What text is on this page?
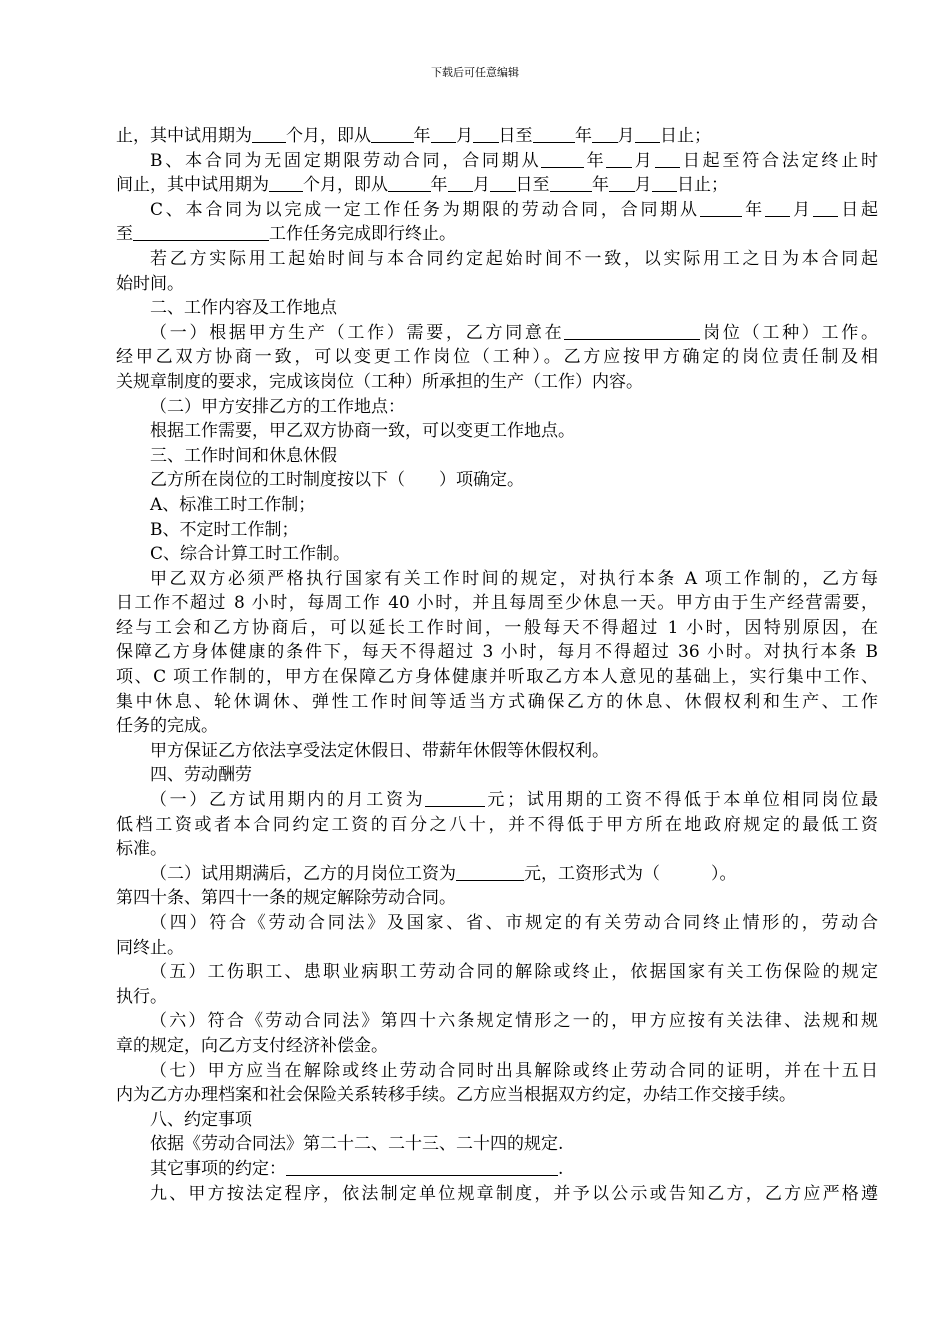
下载后可任意编辑
止，其中试用期为 个月，即从	年 月 日至	年 月 日止；
B、本合同为无固定期限劳动合同，合同期从	年 月 日起至符合法定终止时
间止，其中试用期为 个月，即从	年 月 日至	年 月 日止；
C、本合同为以完成一定工作任务为期限的劳动合同，合同期从	年 月 日起
至	工作任务完成即行终止。
若乙方实际用工起始时间与本合同约定起始时间不一致，以实际用工之日为本合同起
始时间。
二、工作内容及工作地点
（一）根据甲方生产（工作）需要，乙方同意在	岗位（工种）工作。
经甲乙双方协商一致，可以变更工作岗位（工种）。乙方应按甲方确定的岗位责任制及相
关规章制度的要求，完成该岗位（工种）所承担的生产（工作）内容。
（二）甲方安排乙方的工作地点：
根据工作需要，甲乙双方协商一致，可以变更工作地点。
三、工作时间和休息休假
乙方所在岗位的工时制度按以下（　　）项确定。
A、标准工时工作制；
B、不定时工作制；
C、综合计算工时工作制。
甲乙双方必须严格执行国家有关工作时间的规定，对执行本条 A 项工作制的，乙方每
日工作不超过 8 小时，每周工作 40 小时，并且每周至少休息一天。甲方由于生产经营需要，
经与工会和乙方协商后，可以延长工作时间，一般每天不得超过 1 小时，因特别原因，在
保障乙方身体健康的条件下，每天不得超过 3 小时，每月不得超过 36 小时。对执行本条 B
项、C 项工作制的，甲方在保障乙方身体健康并听取乙方本人意见的基础上，实行集中工作、
集中休息、轮休调休、弹性工作时间等适当方式确保乙方的休息、休假权利和生产、工作
任务的完成。
甲方保证乙方依法享受法定休假日、带薪年休假等休假权利。
四、劳动酬劳
（一）乙方试用期内的月工资为	元；试用期的工资不得低于本单位相同岗位最
低档工资或者本合同约定工资的百分之八十，并不得低于甲方所在地政府规定的最低工资
标准。
（二）试用期满后，乙方的月岗位工资为	元，工资形式为（　　　）。
第四十条、第四十一条的规定解除劳动合同。
（四）符合《劳动合同法》及国家、省、市规定的有关劳动合同终止情形的，劳动合
同终止。
（五）工伤职工、患职业病职工劳动合同的解除或终止，依据国家有关工伤保险的规定
执行。
（六）符合《劳动合同法》第四十六条规定情形之一的，甲方应按有关法律、法规和规
章的规定，向乙方支付经济补偿金。
（七）甲方应当在解除或终止劳动合同时出具解除或终止劳动合同的证明，并在十五日
内为乙方办理档案和社会保险关系转移手续。乙方应当根据双方约定，办结工作交接手续。
八、约定事项
依据《劳动合同法》第二十二、二十三、二十四的规定.
其它事项的约定：	.
九、甲方按法定程序，依法制定单位规章制度，并予以公示或告知乙方，乙方应严格遵
